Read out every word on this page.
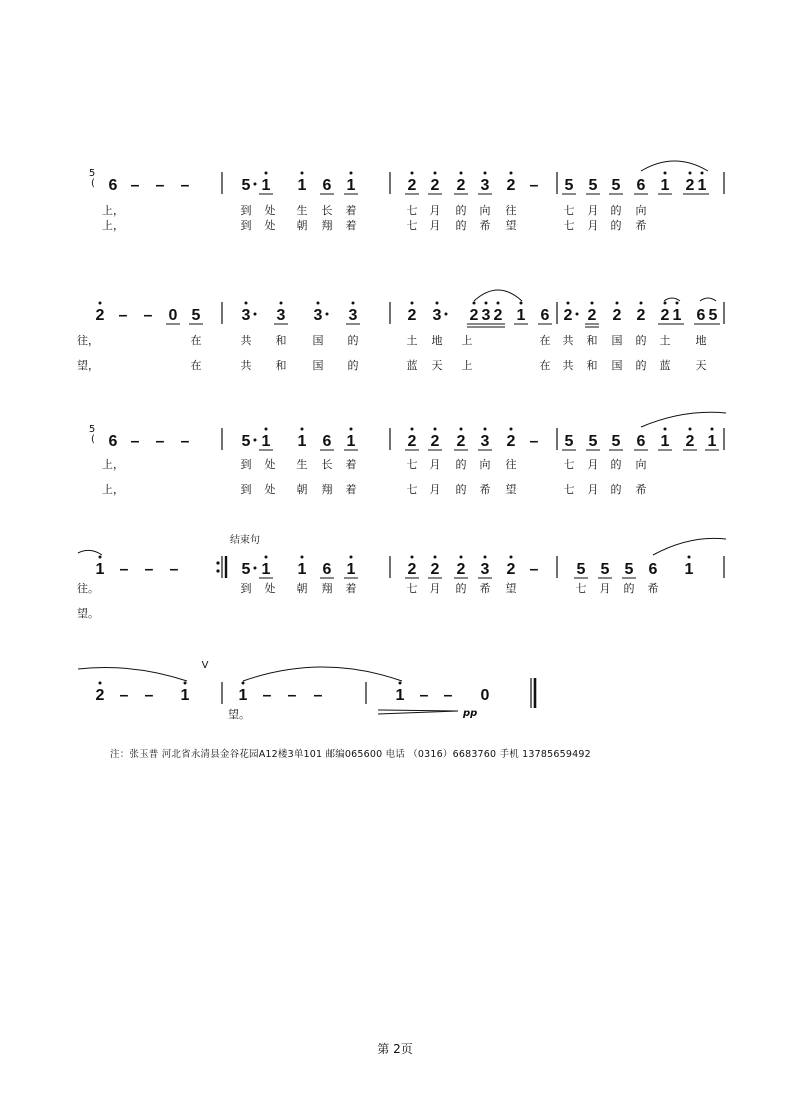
5
( 6 – – –	5 1 1 6 1	2 2 2 3 2 – 5 5 5 6 1 2 1
上，	到 处 生 长 着	七 月 的 向 往	七 月 的 向
上，	到 处 朝 翔 着	七 月 的 希 望	七 月 的 希
2 – – 0 5	3 3 3 3	2 3 2 3 2 1 6 2 2 2 2 2 1 6 5
往，	在	共 和 国 的	土 地 上	在 共 和 国 的 土 地
望，	在	共 和 国 的	蓝 天 上	在 共 和 国 的 蓝 天
5
( 6 – – –	5 1 1 6 1	2 2 2 3 2 – 5 5 5 6 1 2 1
上，	到 处 生 长 着	七 月 的 向 往	七 月 的 向
上，	到 处 朝 翔 着	七 月 的 希 望	七 月 的 希
结束句
1 – – –	5 1 1 6 1	2 2 2 3 2 – 5 5 5 6 1
往。	到 处 朝 翔 着	七 月 的 希 望	七 月 的 希
望。
V
2 – – 1	1 – – –	1 – – 0
望。	pp
注：张玉普 河北省永清县金谷花园A12楼3单101 邮编065600 电话 （0316）6683760 手机 13785659492
第 2页
